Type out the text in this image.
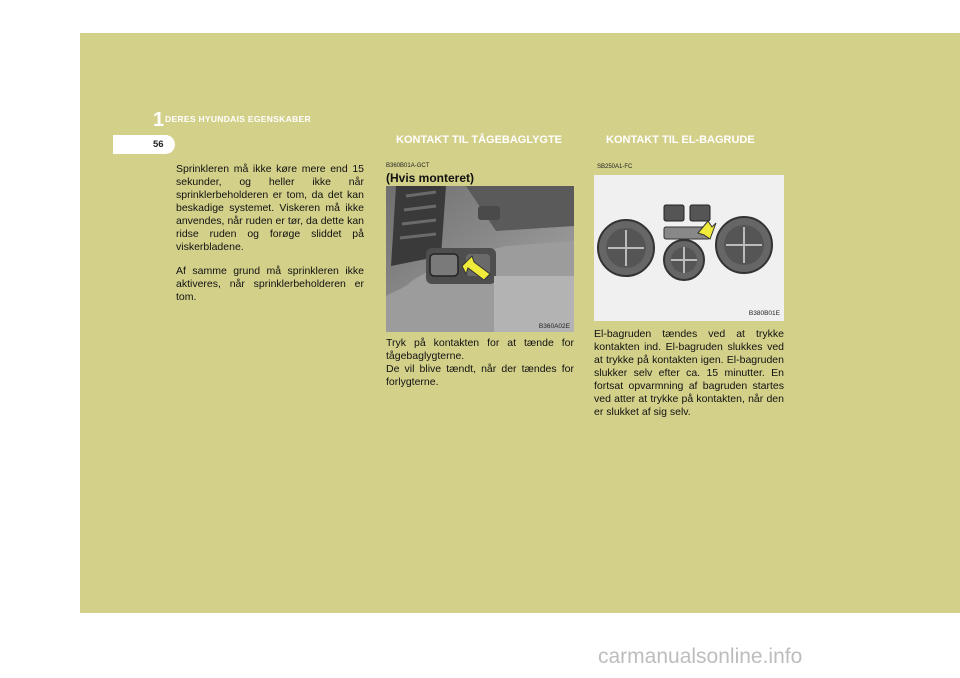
1 DERES HYUNDAIS EGENSKABER
56	KONTAKT TIL TÅGEBAGLYGTE	KONTAKT TIL EL-BAGRUDE

Sprinkleren må ikke køre mere end 15 sekunder, og heller ikke når sprinklerbeholderen er tom, da det kan beskadige systemet. Viskeren må ikke anvendes, når ruden er tør, da dette kan ridse ruden og forøge sliddet på viskerbladene.

Af samme grund må sprinkleren ikke aktiveres, når sprinklerbeholderen er tom.

B360B01A-GCT
(Hvis monteret)
B360A02E

Tryk på kontakten for at tænde for tågebaglygterne.

De vil blive tændt, når der tændes for forlygterne.

SB250A1-FC
B380B01E

El-bagruden tændes ved at trykke kontakten ind. El-bagruden slukkes ved at trykke på kontakten igen. El-bagruden slukker selv efter ca. 15 minutter. En fortsat opvarmning af bagruden startes ved atter at trykke på kontakten, når den er slukket af sig selv.

carmanualsonline.info
